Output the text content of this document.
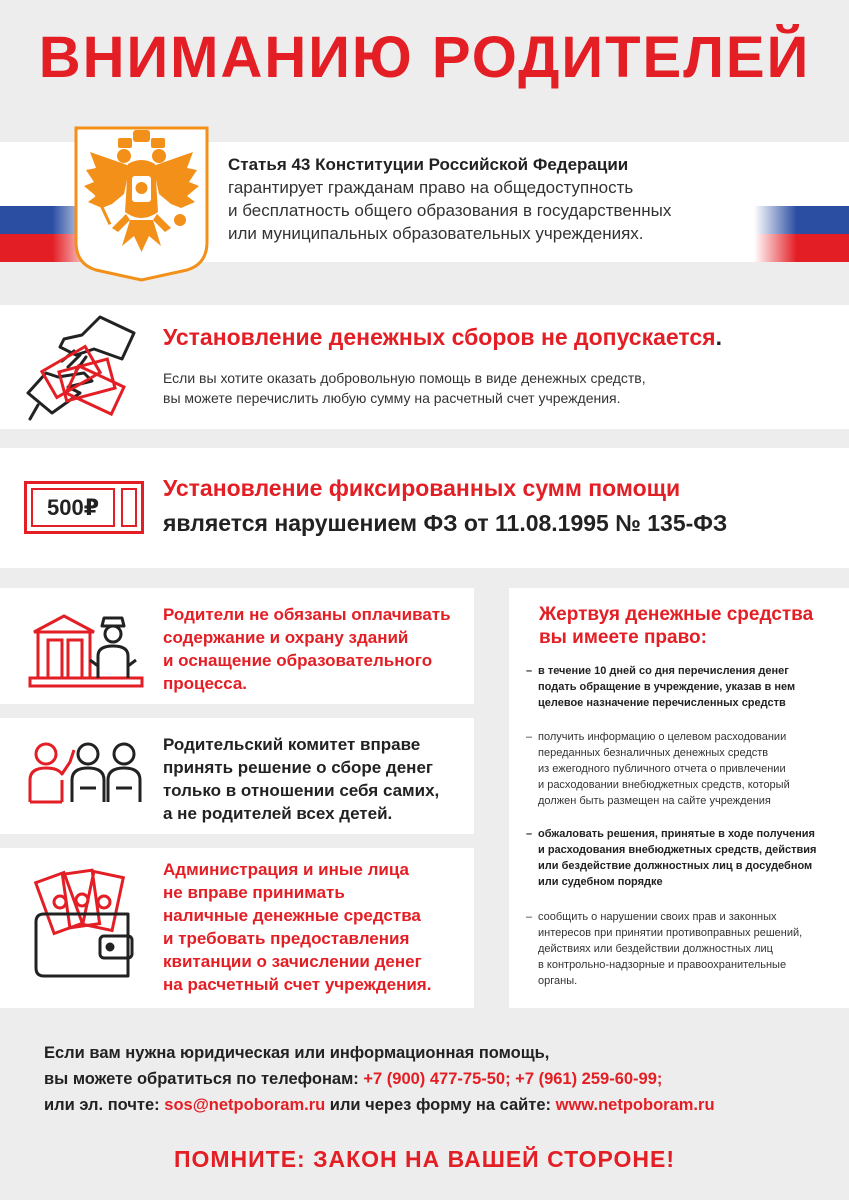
ВНИМАНИЮ РОДИТЕЛЕЙ
Статья 43 Конституции Российской Федерации
гарантирует гражданам право на общедоступность
и бесплатность общего образования в государственных
или муниципальных образовательных учреждениях.
Установление денежных сборов не допускается.
Если вы хотите оказать добровольную помощь в виде денежных средств,
вы можете перечислить любую сумму на расчетный счет учреждения.
500₽
Установление фиксированных сумм помощи
является нарушением ФЗ от 11.08.1995 № 135-ФЗ
Родители не обязаны оплачивать
содержание и охрану зданий
и оснащение образовательного
процесса.
Родительский комитет вправе
принять решение о сборе денег
только в отношении себя самих,
а не родителей всех детей.
Администрация и иные лица
не вправе принимать
наличные денежные средства
и требовать предоставления
квитанции о зачислении денег
на расчетный счет учреждения.
Жертвуя денежные средства
вы имеете право:
– в течение 10 дней со дня перечисления денег
подать обращение в учреждение, указав в нем
целевое назначение перечисленных средств
– получить информацию о целевом расходовании
переданных безналичных денежных средств
из ежегодного публичного отчета о привлечении
и расходовании внебюджетных средств, который
должен быть размещен на сайте учреждения
– обжаловать решения, принятые в ходе получения
и расходования внебюджетных средств, действия
или бездействие должностных лиц в досудебном
или судебном порядке
– сообщить о нарушении своих прав и законных
интересов при принятии противоправных решений,
действиях или бездействии должностных лиц
в контрольно-надзорные и правоохранительные
органы.
Если вам нужна юридическая или информационная помощь,
вы можете обратиться по телефонам: +7 (900) 477-75-50; +7 (961) 259-60-99;
или эл. почте: sos@netpoboram.ru или через форму на сайте: www.netpoboram.ru
ПОМНИТЕ: ЗАКОН НА ВАШЕЙ СТОРОНЕ!
